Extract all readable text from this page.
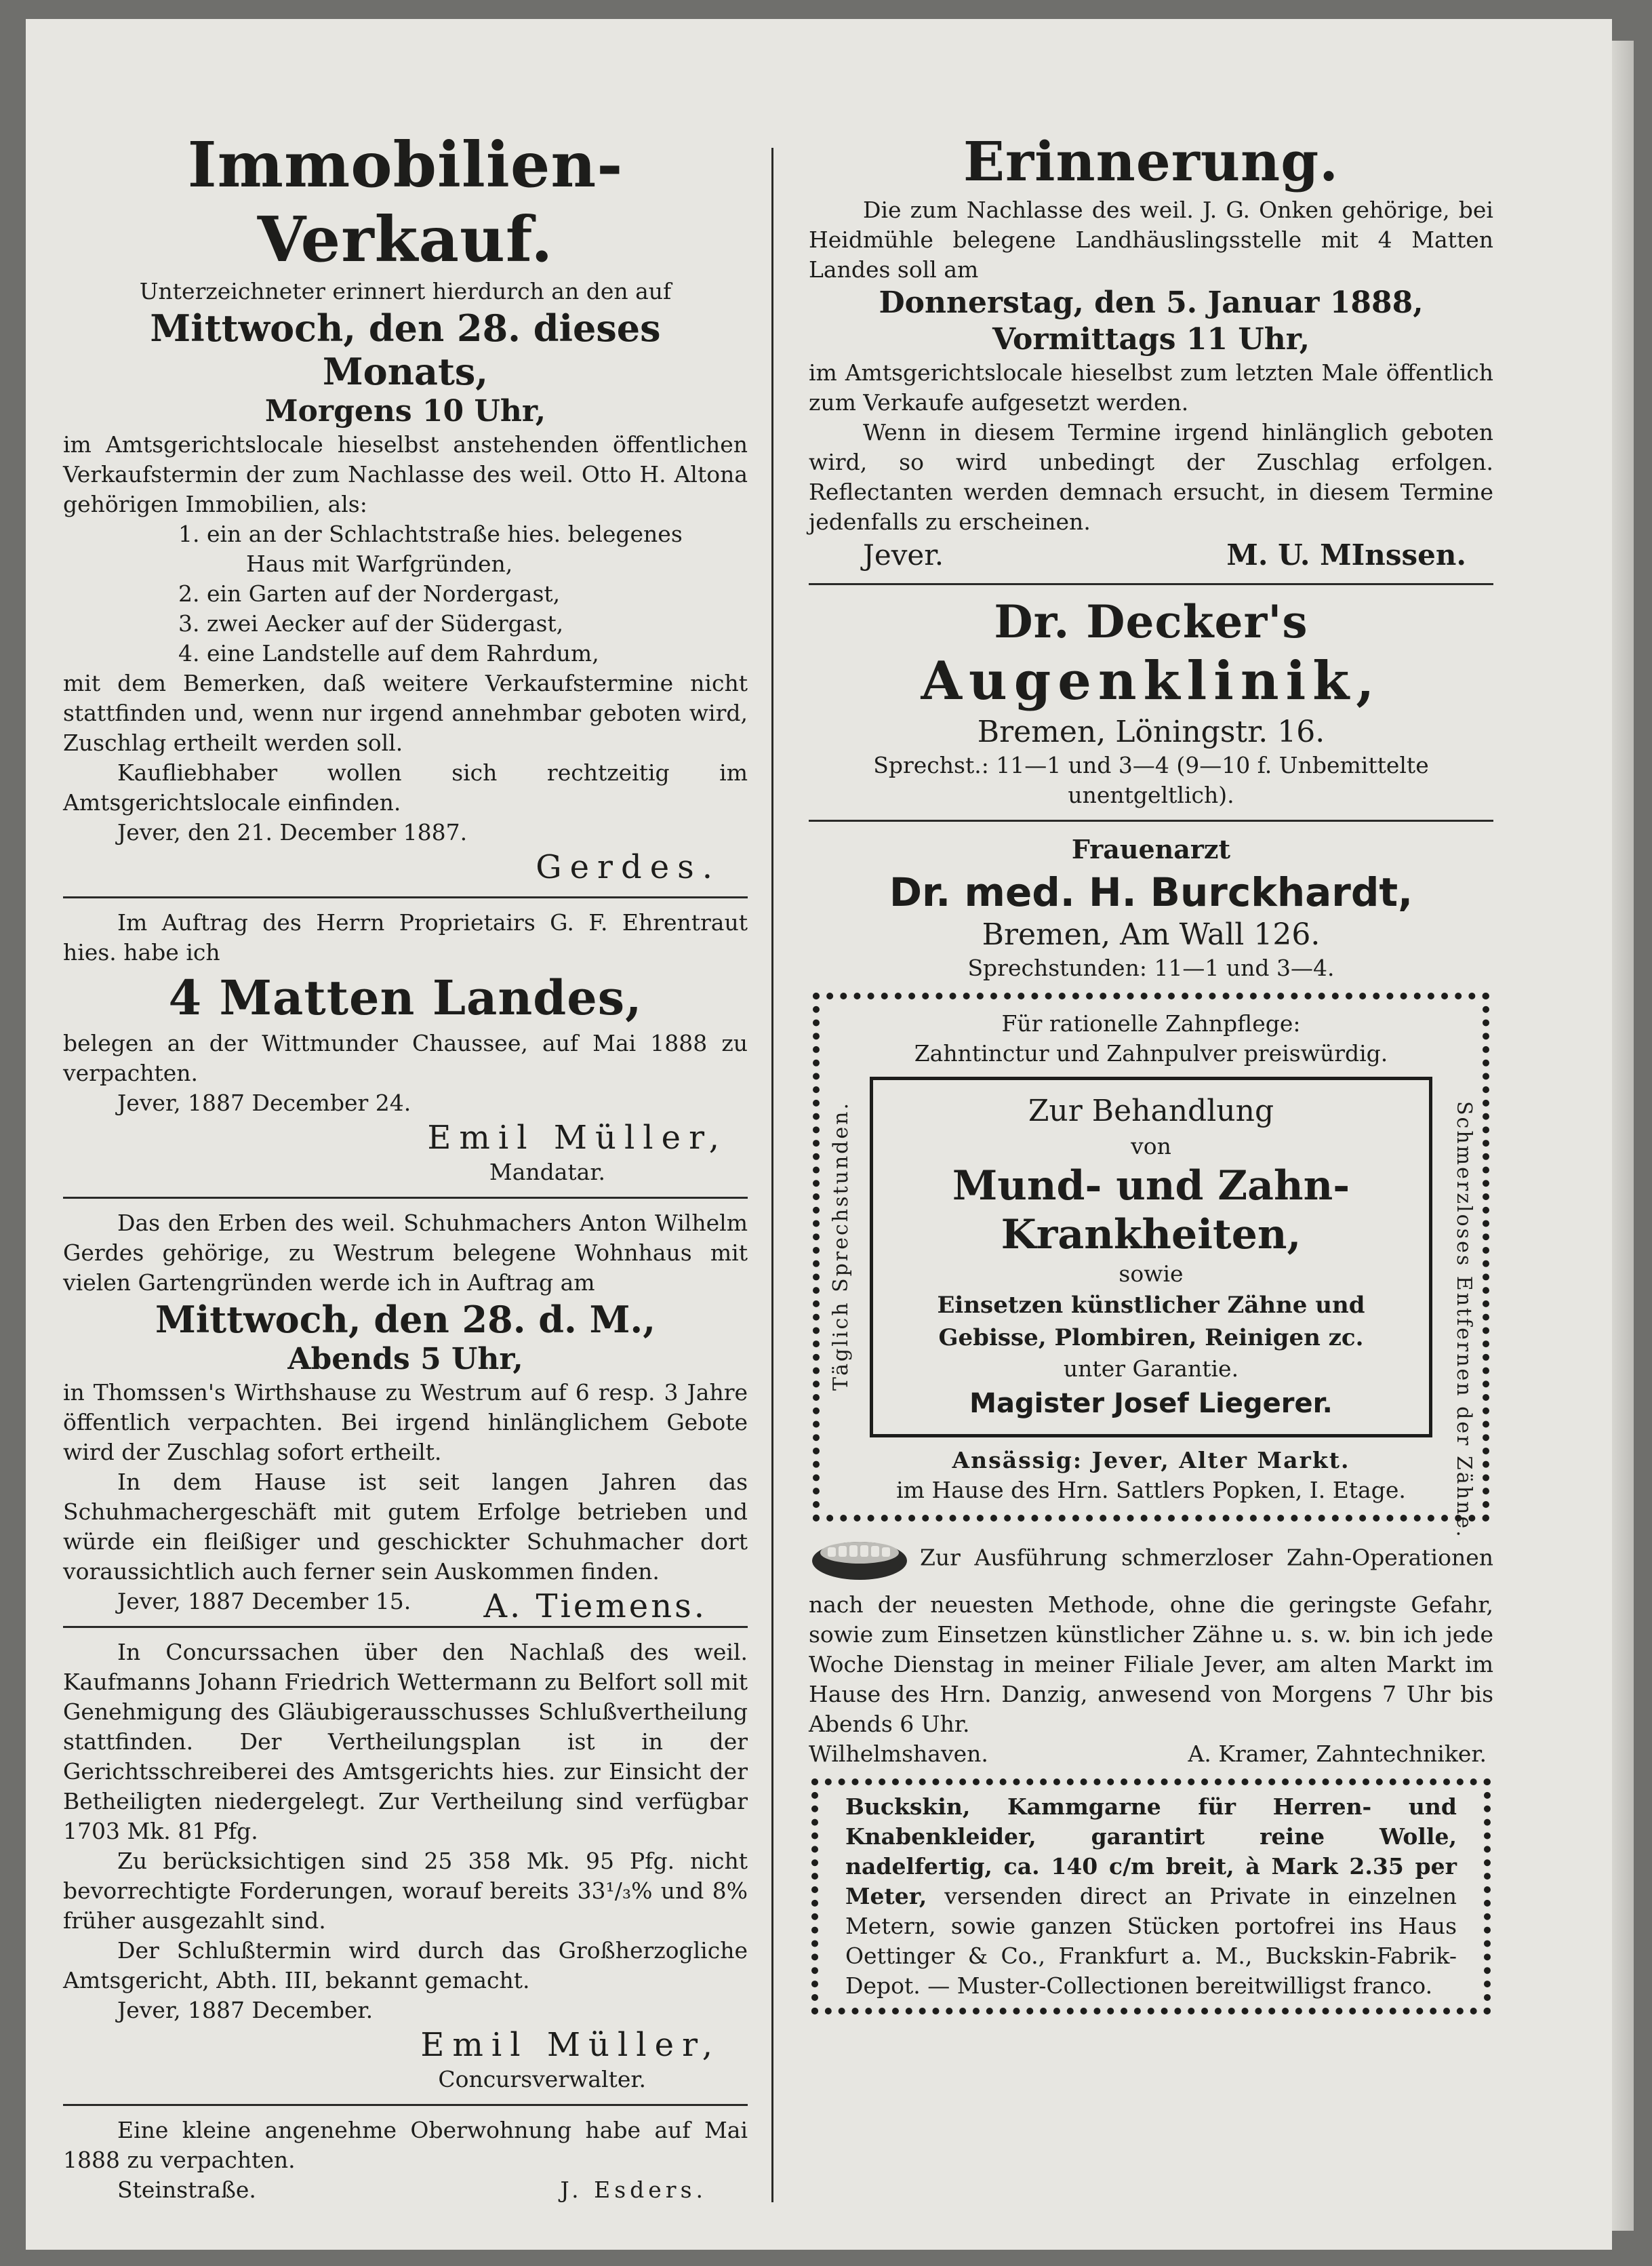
Immobilien-Verkauf.

Unterzeichneter erinnert hierdurch an den auf

Mittwoch, den 28. dieses Monats,

Morgens 10 Uhr,

im Amtsgerichtslocale hieselbst anstehenden öffentlichen Verkaufstermin der zum Nachlasse des weil. Otto H. Altona gehörigen Immobilien, als:

1. ein an der Schlachtstraße hies. belegenes

Haus mit Warfgründen,

2. ein Garten auf der Nordergast,

3. zwei Aecker auf der Südergast,

4. eine Landstelle auf dem Rahrdum,

mit dem Bemerken, daß weitere Verkaufstermine nicht stattfinden und, wenn nur irgend annehmbar geboten wird, Zuschlag ertheilt werden soll.

Kaufliebhaber wollen sich rechtzeitig im Amtsgerichtslocale einfinden.

Jever, den 21. December 1887.

Gerdes.

Im Auftrag des Herrn Proprietairs G. F. Ehrentraut hies. habe ich

4 Matten Landes,

belegen an der Wittmunder Chaussee, auf Mai 1888 zu verpachten.

Jever, 1887 December 24.

Emil Müller,

Mandatar.

Das den Erben des weil. Schuhmachers Anton Wilhelm Gerdes gehörige, zu Westrum belegene Wohnhaus mit vielen Gartengründen werde ich in Auftrag am

Mittwoch, den 28. d. M.,

Abends 5 Uhr,

in Thomssen's Wirthshause zu Westrum auf 6 resp. 3 Jahre öffentlich verpachten. Bei irgend hinlänglichem Gebote wird der Zuschlag sofort ertheilt.

In dem Hause ist seit langen Jahren das Schuhmachergeschäft mit gutem Erfolge betrieben und würde ein fleißiger und geschickter Schuhmacher dort voraussichtlich auch ferner sein Auskommen finden.

Jever, 1887 December 15. A. Tiemens.

In Concurssachen über den Nachlaß des weil. Kaufmanns Johann Friedrich Wettermann zu Belfort soll mit Genehmigung des Gläubigerausschusses Schlußvertheilung stattfinden. Der Vertheilungsplan ist in der Gerichtsschreiberei des Amtsgerichts hies. zur Einsicht der Betheiligten niedergelegt. Zur Vertheilung sind verfügbar 1703 Mk. 81 Pfg.

Zu berücksichtigen sind 25 358 Mk. 95 Pfg. nicht bevorrechtigte Forderungen, worauf bereits 33¹/₃% und 8% früher ausgezahlt sind.

Der Schlußtermin wird durch das Großherzogliche Amtsgericht, Abth. III, bekannt gemacht.

Jever, 1887 December.

Emil Müller,

Concursverwalter.

Eine kleine angenehme Oberwohnung habe auf Mai 1888 zu verpachten.

Steinstraße.	J. Esders.

Erinnerung.

Die zum Nachlasse des weil. J. G. Onken gehörige, bei Heidmühle belegene Landhäuslingsstelle mit 4 Matten Landes soll am

Donnerstag, den 5. Januar 1888,

Vormittags 11 Uhr,

im Amtsgerichtslocale hieselbst zum letzten Male öffentlich zum Verkaufe aufgesetzt werden.

Wenn in diesem Termine irgend hinlänglich geboten wird, so wird unbedingt der Zuschlag erfolgen. Reflectanten werden demnach ersucht, in diesem Termine jedenfalls zu erscheinen.

Jever.	M. U. MInssen.

Dr. Decker's

Augenklinik,

Bremen, Löningstr. 16.

Sprechst.: 11—1 und 3—4 (9—10 f. Unbemittelte unentgeltlich).

Frauenarzt

Dr. med. H. Burckhardt,

Bremen, Am Wall 126.

Sprechstunden: 11—1 und 3—4.

Für rationelle Zahnpflege:

Zahntinctur und Zahnpulver preiswürdig.

Täglich Sprechstunden.	Schmerzloses Entfernen der Zähne.

Zur Behandlung

von

Mund- und Zahn-

Krankheiten,

sowie

Einsetzen künstlicher Zähne und Gebisse, Plombiren, Reinigen zc.

unter Garantie.

Magister Josef Liegerer.

Ansässig: Jever, Alter Markt.

im Hause des Hrn. Sattlers Popken, I. Etage.

Zur Ausführung schmerzloser Zahn-Operationen nach der neuesten Methode, ohne die geringste Gefahr, sowie zum Einsetzen künstlicher Zähne u. s. w. bin ich jede Woche Dienstag in meiner Filiale Jever, am alten Markt im Hause des Hrn. Danzig, anwesend von Morgens 7 Uhr bis Abends 6 Uhr.

Wilhelmshaven.	A. Kramer, Zahntechniker.

Buckskin, Kammgarne für Herren- und Knabenkleider, garantirt reine Wolle, nadelfertig, ca. 140 c/m breit, à Mark 2.35 per Meter, versenden direct an Private in einzelnen Metern, sowie ganzen Stücken portofrei ins Haus Oettinger & Co., Frankfurt a. M., Buckskin-Fabrik-Depot. — Muster-Collectionen bereitwilligst franco.
